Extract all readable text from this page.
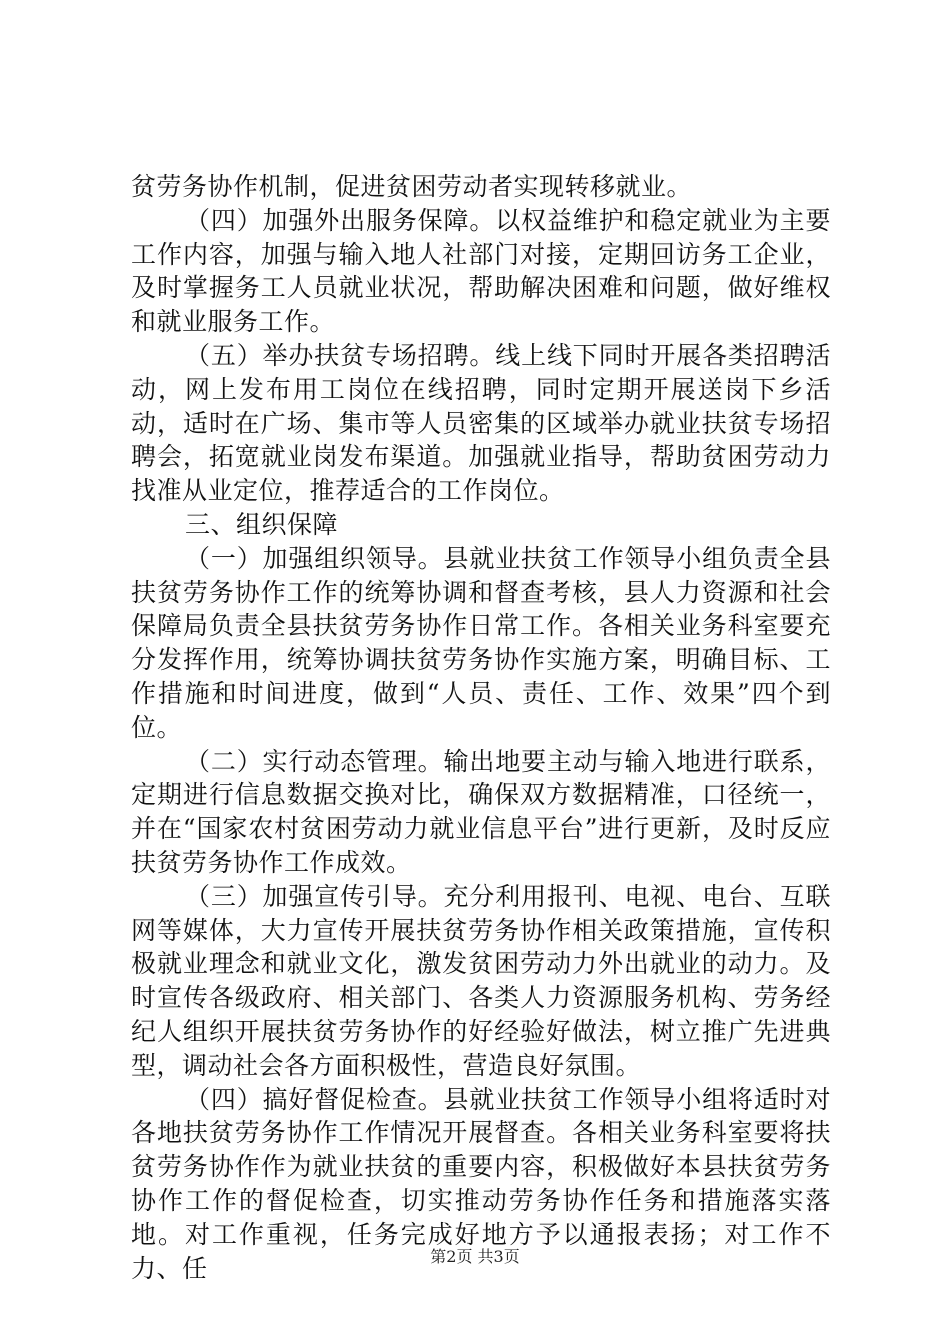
贫劳务协作机制，促进贫困劳动者实现转移就业。

（四）加强外出服务保障。以权益维护和稳定就业为主要工作内容，加强与输入地人社部门对接，定期回访务工企业，及时掌握务工人员就业状况，帮助解决困难和问题，做好维权和就业服务工作。

（五）举办扶贫专场招聘。线上线下同时开展各类招聘活动，网上发布用工岗位在线招聘，同时定期开展送岗下乡活动，适时在广场、集市等人员密集的区域举办就业扶贫专场招聘会，拓宽就业岗发布渠道。加强就业指导，帮助贫困劳动力找准从业定位，推荐适合的工作岗位。

三、组织保障

（一）加强组织领导。县就业扶贫工作领导小组负责全县扶贫劳务协作工作的统筹协调和督查考核，县人力资源和社会保障局负责全县扶贫劳务协作日常工作。各相关业务科室要充分发挥作用，统筹协调扶贫劳务协作实施方案，明确目标、工作措施和时间进度，做到“人员、责任、工作、效果”四个到位。

（二）实行动态管理。输出地要主动与输入地进行联系，定期进行信息数据交换对比，确保双方数据精准，口径统一，并在“国家农村贫困劳动力就业信息平台”进行更新，及时反应扶贫劳务协作工作成效。

（三）加强宣传引导。充分利用报刊、电视、电台、互联网等媒体，大力宣传开展扶贫劳务协作相关政策措施，宣传积极就业理念和就业文化，激发贫困劳动力外出就业的动力。及时宣传各级政府、相关部门、各类人力资源服务机构、劳务经纪人组织开展扶贫劳务协作的好经验好做法，树立推广先进典型，调动社会各方面积极性，营造良好氛围。

（四）搞好督促检查。县就业扶贫工作领导小组将适时对各地扶贫劳务协作工作情况开展督查。各相关业务科室要将扶贫劳务协作作为就业扶贫的重要内容，积极做好本县扶贫劳务协作工作的督促检查，切实推动劳务协作任务和措施落实落地。对工作重视，任务完成好地方予以通报表扬；对工作不力、任	第2页 共3页
